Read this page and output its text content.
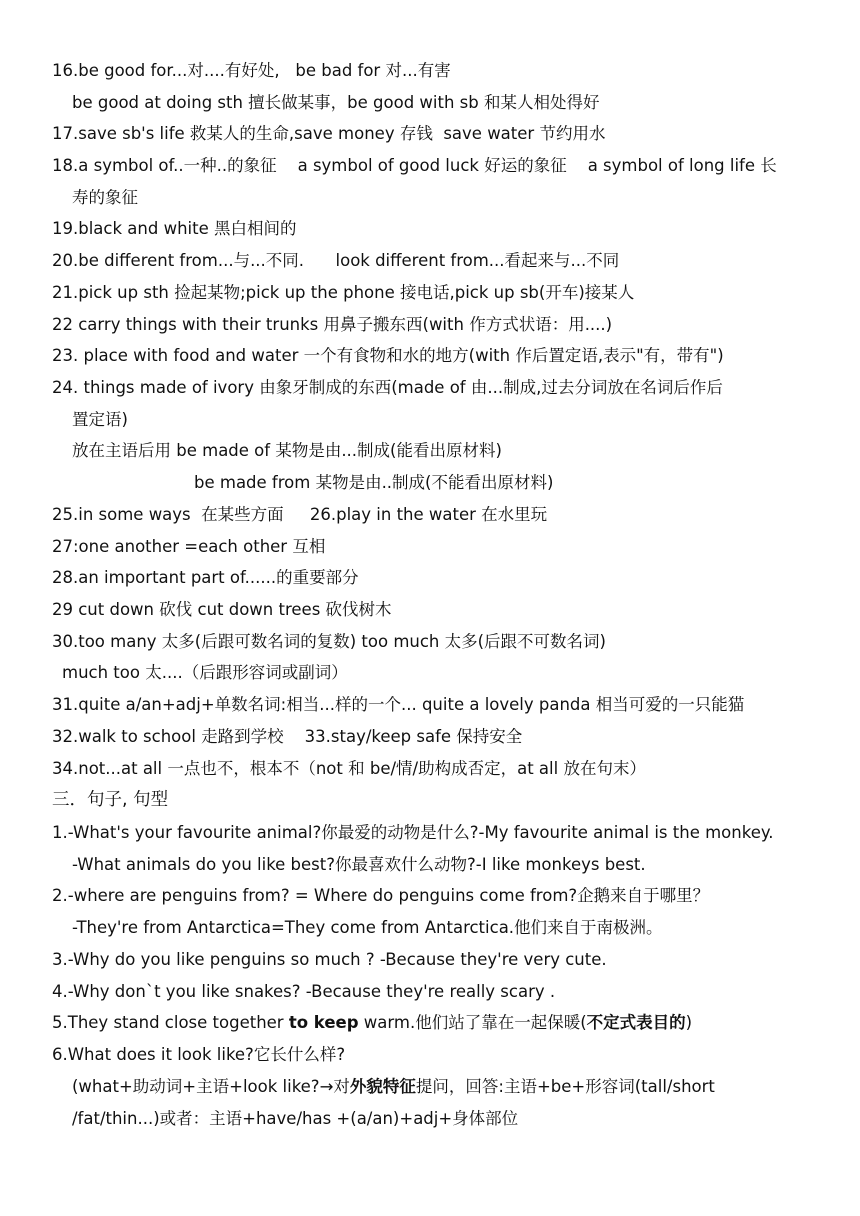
16.be good for...对....有好处,   be bad for 对...有害
be good at doing sth 擅长做某事，be good with sb 和某人相处得好
17.save sb's life 救某人的生命,save money 存钱  save water 节约用水
18.a symbol of..一种..的象征    a symbol of good luck 好运的象征    a symbol of long life 长
寿的象征
19.black and white 黑白相间的
20.be different from...与...不同.      look different from...看起来与...不同
21.pick up sth 捡起某物;pick up the phone 接电话,pick up sb(开车)接某人
22 carry things with their trunks 用鼻子搬东西(with 作方式状语：用....)
23. place with food and water 一个有食物和水的地方(with 作后置定语,表示"有，带有")
24. things made of ivory 由象牙制成的东西(made of 由...制成,过去分词放在名词后作后
置定语)
放在主语后用 be made of 某物是由...制成(能看出原材料)
be made from 某物是由..制成(不能看出原材料)
25.in some ways  在某些方面     26.play in the water 在水里玩
27:one another =each other 互相
28.an important part of......的重要部分
29 cut down 砍伐 cut down trees 砍伐树木
30.too many 太多(后跟可数名词的复数) too much 太多(后跟不可数名词)
much too 太....（后跟形容词或副词）
31.quite a/an+adj+单数名词:相当...样的一个... quite a lovely panda 相当可爱的一只能猫
32.walk to school 走路到学校    33.stay/keep safe 保持安全
34.not...at all 一点也不，根本不（not 和 be/情/助构成否定，at all 放在句末）
三．句子, 句型
1.-What's your favourite animal?你最爱的动物是什么?-My favourite animal is the monkey.
-What animals do you like best?你最喜欢什么动物?-I like monkeys best.
2.-where are penguins from? = Where do penguins come from?企鹅来自于哪里？
-They're from Antarctica=They come from Antarctica.他们来自于南极洲。
3.-Why do you like penguins so much ? -Because they're very cute.
4.-Why don`t you like snakes? -Because they're really scary .
5.They stand close together to keep warm.他们站了靠在一起保暖(不定式表目的)
6.What does it look like?它长什么样?
(what+助动词+主语+look like?→对外貌特征提问，回答:主语+be+形容词(tall/short
/fat/thin...)或者：主语+have/has +(a/an)+adj+身体部位
